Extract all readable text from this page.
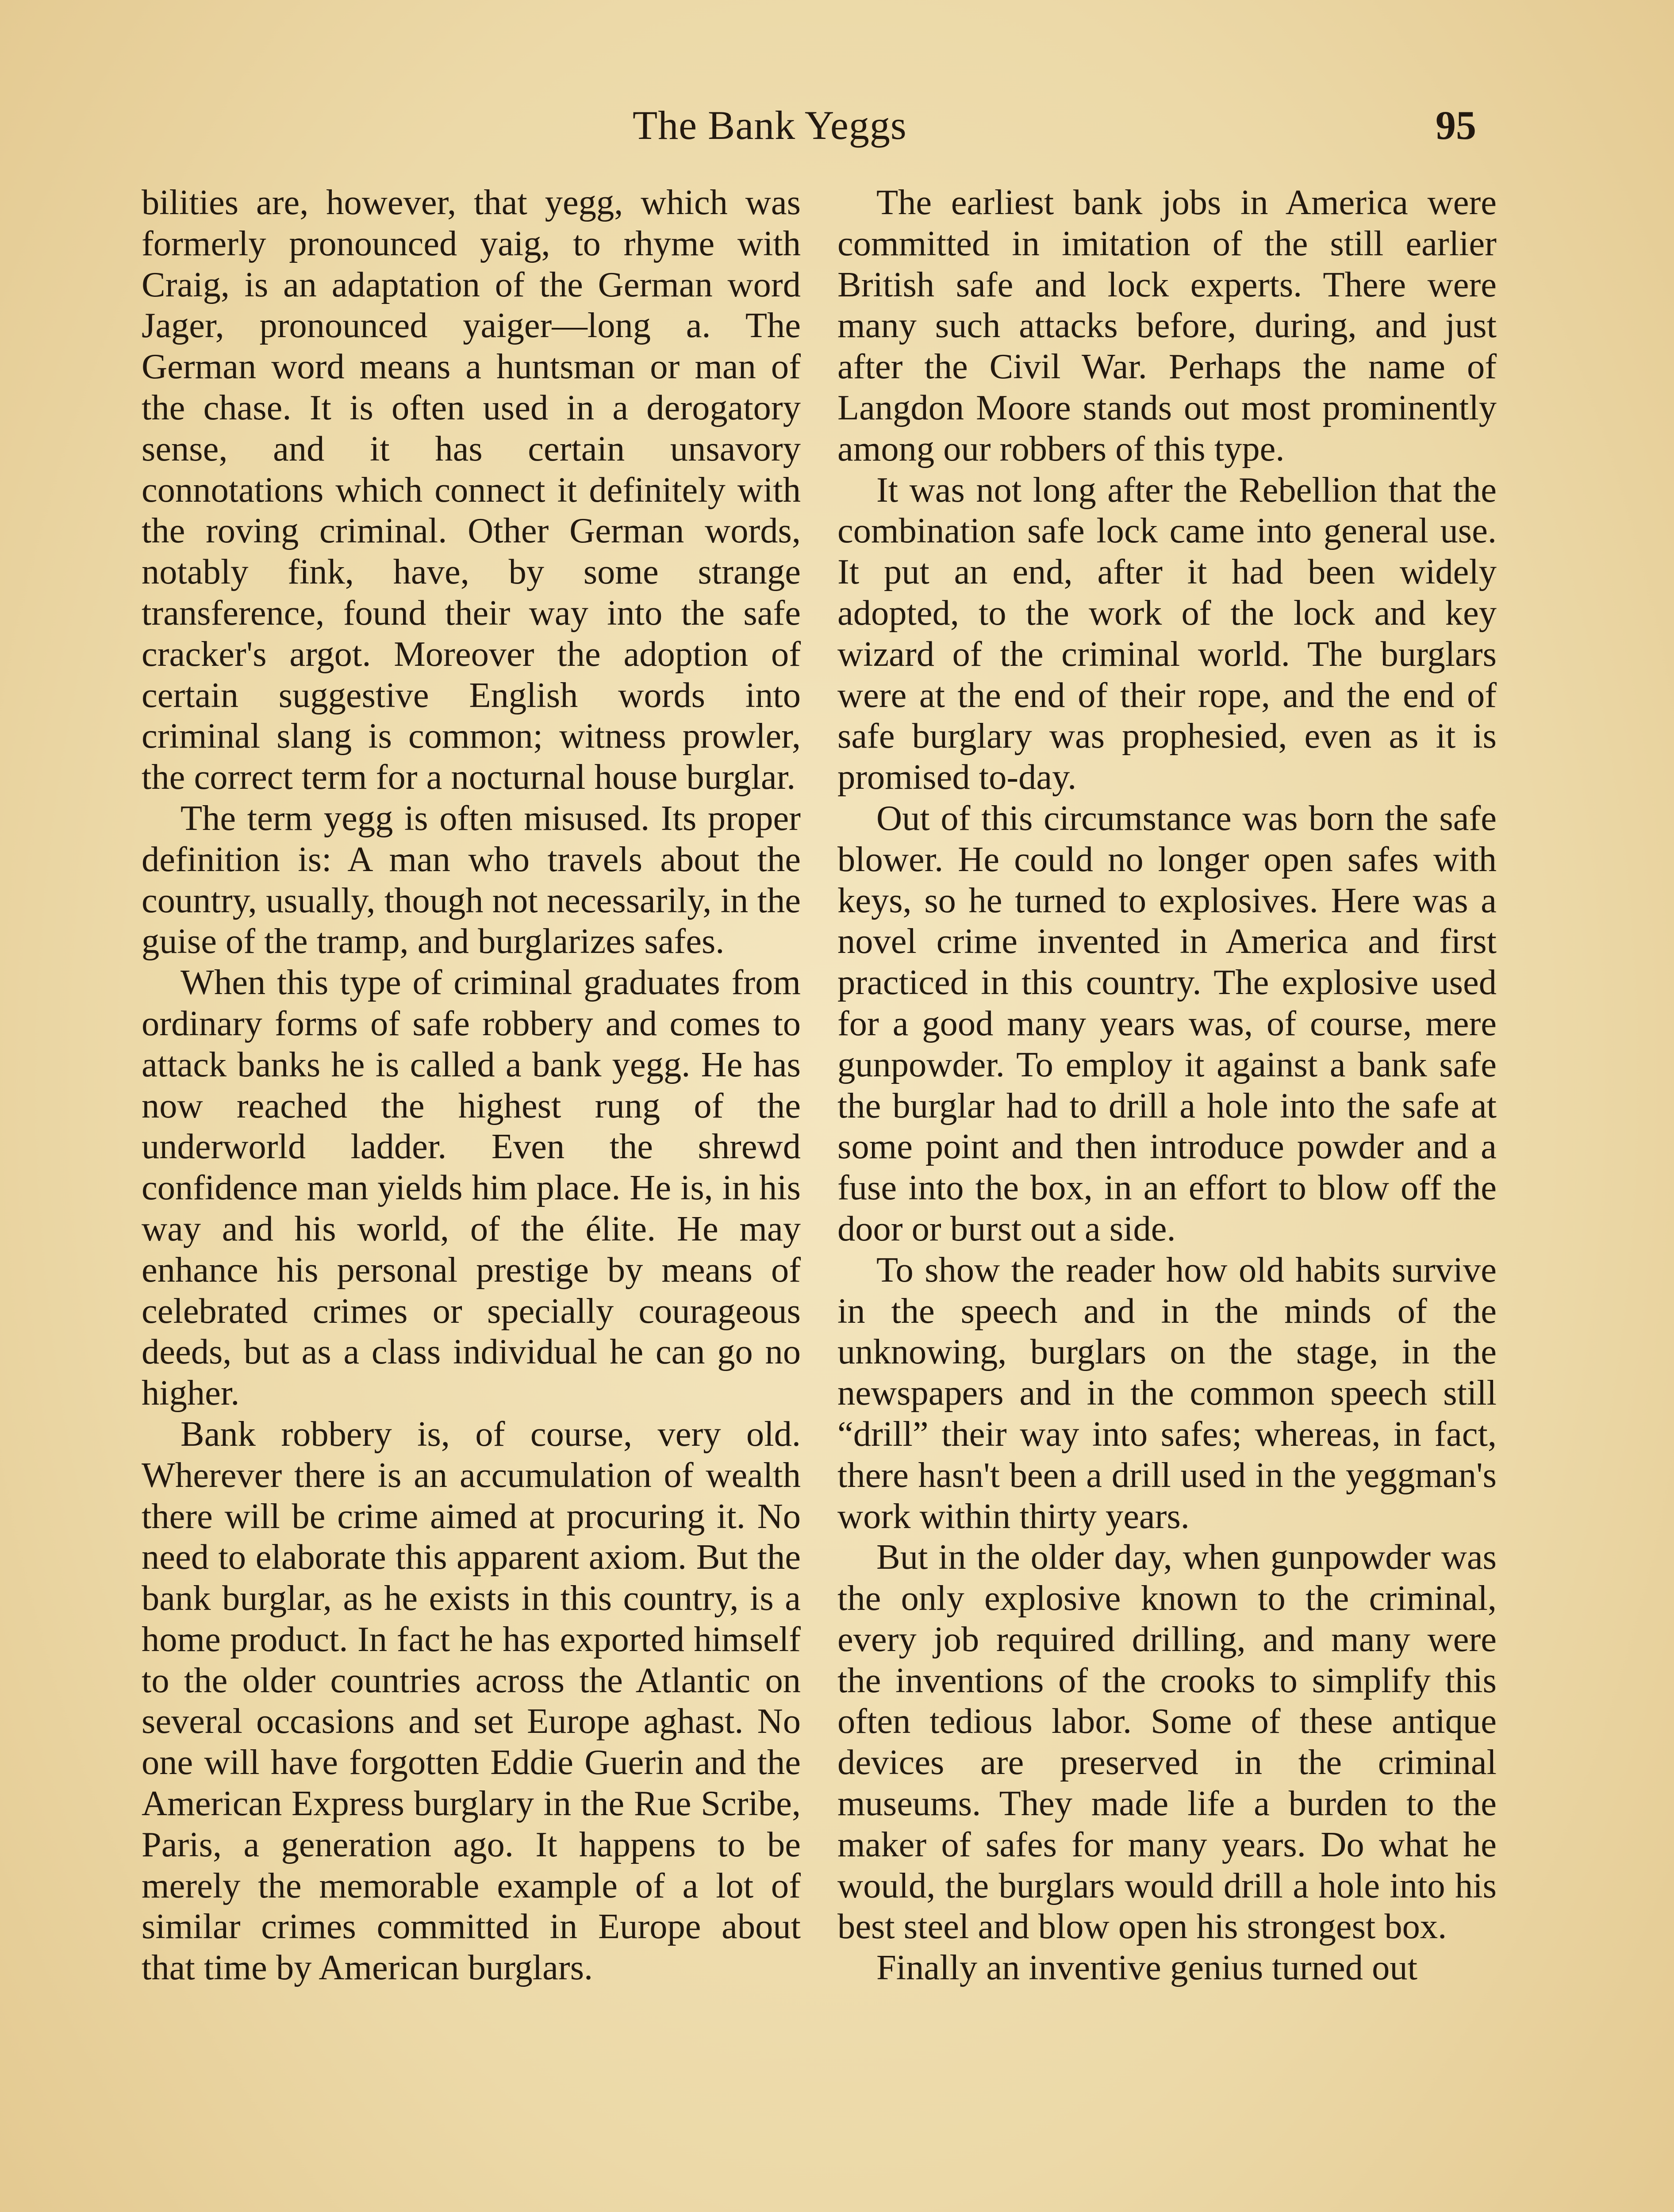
The Bank Yeggs	95

bilities are, however, that yegg, which was formerly pronounced yaig, to rhyme with Craig, is an adaptation of the German word Jager, pronounced yaiger—long a. The German word means a huntsman or man of the chase. It is often used in a derogatory sense, and it has certain unsavory connotations which connect it definitely with the roving criminal. Other German words, notably fink, have, by some strange transference, found their way into the safe cracker's argot. Moreover the adoption of certain suggestive English words into criminal slang is common; witness prowler, the correct term for a nocturnal house burglar.

The term yegg is often misused. Its proper definition is: A man who travels about the country, usually, though not necessarily, in the guise of the tramp, and burglarizes safes.

When this type of criminal graduates from ordinary forms of safe robbery and comes to attack banks he is called a bank yegg. He has now reached the highest rung of the underworld ladder. Even the shrewd confidence man yields him place. He is, in his way and his world, of the élite. He may enhance his personal prestige by means of celebrated crimes or specially courageous deeds, but as a class individual he can go no higher.

Bank robbery is, of course, very old. Wherever there is an accumulation of wealth there will be crime aimed at procuring it. No need to elaborate this apparent axiom. But the bank burglar, as he exists in this country, is a home product. In fact he has exported himself to the older countries across the Atlantic on several occasions and set Europe aghast. No one will have forgotten Eddie Guerin and the American Express burglary in the Rue Scribe, Paris, a generation ago. It happens to be merely the memorable example of a lot of similar crimes committed in Europe about that time by American burglars.

The earliest bank jobs in America were committed in imitation of the still earlier British safe and lock experts. There were many such attacks before, during, and just after the Civil War. Perhaps the name of Langdon Moore stands out most prominently among our robbers of this type.

It was not long after the Rebellion that the combination safe lock came into general use. It put an end, after it had been widely adopted, to the work of the lock and key wizard of the criminal world. The burglars were at the end of their rope, and the end of safe burglary was prophesied, even as it is promised to-day.

Out of this circumstance was born the safe blower. He could no longer open safes with keys, so he turned to explosives. Here was a novel crime invented in America and first practiced in this country. The explosive used for a good many years was, of course, mere gunpowder. To employ it against a bank safe the burglar had to drill a hole into the safe at some point and then introduce powder and a fuse into the box, in an effort to blow off the door or burst out a side.

To show the reader how old habits survive in the speech and in the minds of the unknowing, burglars on the stage, in the newspapers and in the common speech still “drill” their way into safes; whereas, in fact, there hasn't been a drill used in the yeggman's work within thirty years.

But in the older day, when gunpowder was the only explosive known to the criminal, every job required drilling, and many were the inventions of the crooks to simplify this often tedious labor. Some of these antique devices are preserved in the criminal museums. They made life a burden to the maker of safes for many years. Do what he would, the burglars would drill a hole into his best steel and blow open his strongest box.

Finally an inventive genius turned out
